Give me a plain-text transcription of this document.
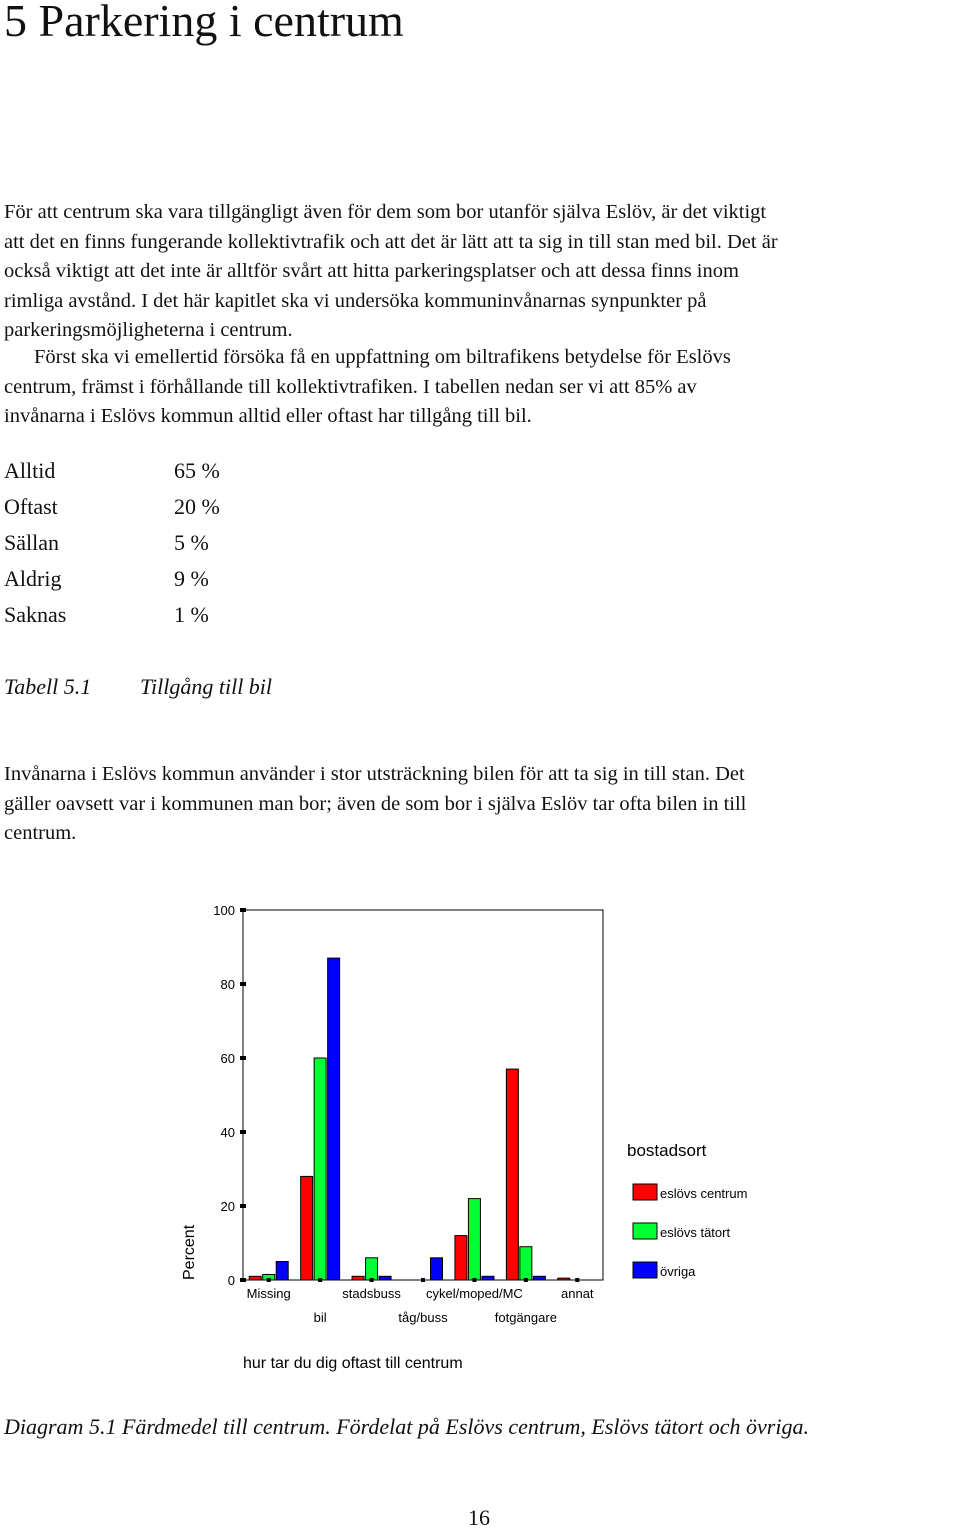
5 Parkering i centrum
För att centrum ska vara tillgängligt även för dem som bor utanför själva Eslöv, är det viktigt
att det en finns fungerande kollektivtrafik och att det är lätt att ta sig in till stan med bil. Det är
också viktigt att det inte är alltför svårt att hitta parkeringsplatser och att dessa finns inom
rimliga avstånd. I det här kapitlet ska vi undersöka kommuninvånarnas synpunkter på
parkeringsmöjligheterna i centrum.
Först ska vi emellertid försöka få en uppfattning om biltrafikens betydelse för Eslövs
centrum, främst i förhållande till kollektivtrafiken. I tabellen nedan ser vi att 85% av
invånarna i Eslövs kommun alltid eller oftast har tillgång till bil.
Alltid	65 %
Oftast	20 %
Sällan	5 %
Aldrig	9 %
Saknas	1 %
Tabell 5.1 Tillgång till bil
Invånarna i Eslövs kommun använder i stor utsträckning bilen för att ta sig in till stan. Det
gäller oavsett var i kommunen man bor; även de som bor i själva Eslöv tar ofta bilen in till
centrum.
0
20
40
60
80
100
Missing
bil
stadsbuss
tåg/buss
cykel/moped/MC
fotgängare
annat
Percent
hur tar du dig oftast till centrum
bostadsort
eslövs centrum
eslövs tätort
övriga
Diagram 5.1 Färdmedel till centrum. Fördelat på Eslövs centrum, Eslövs tätort och övriga.
16
